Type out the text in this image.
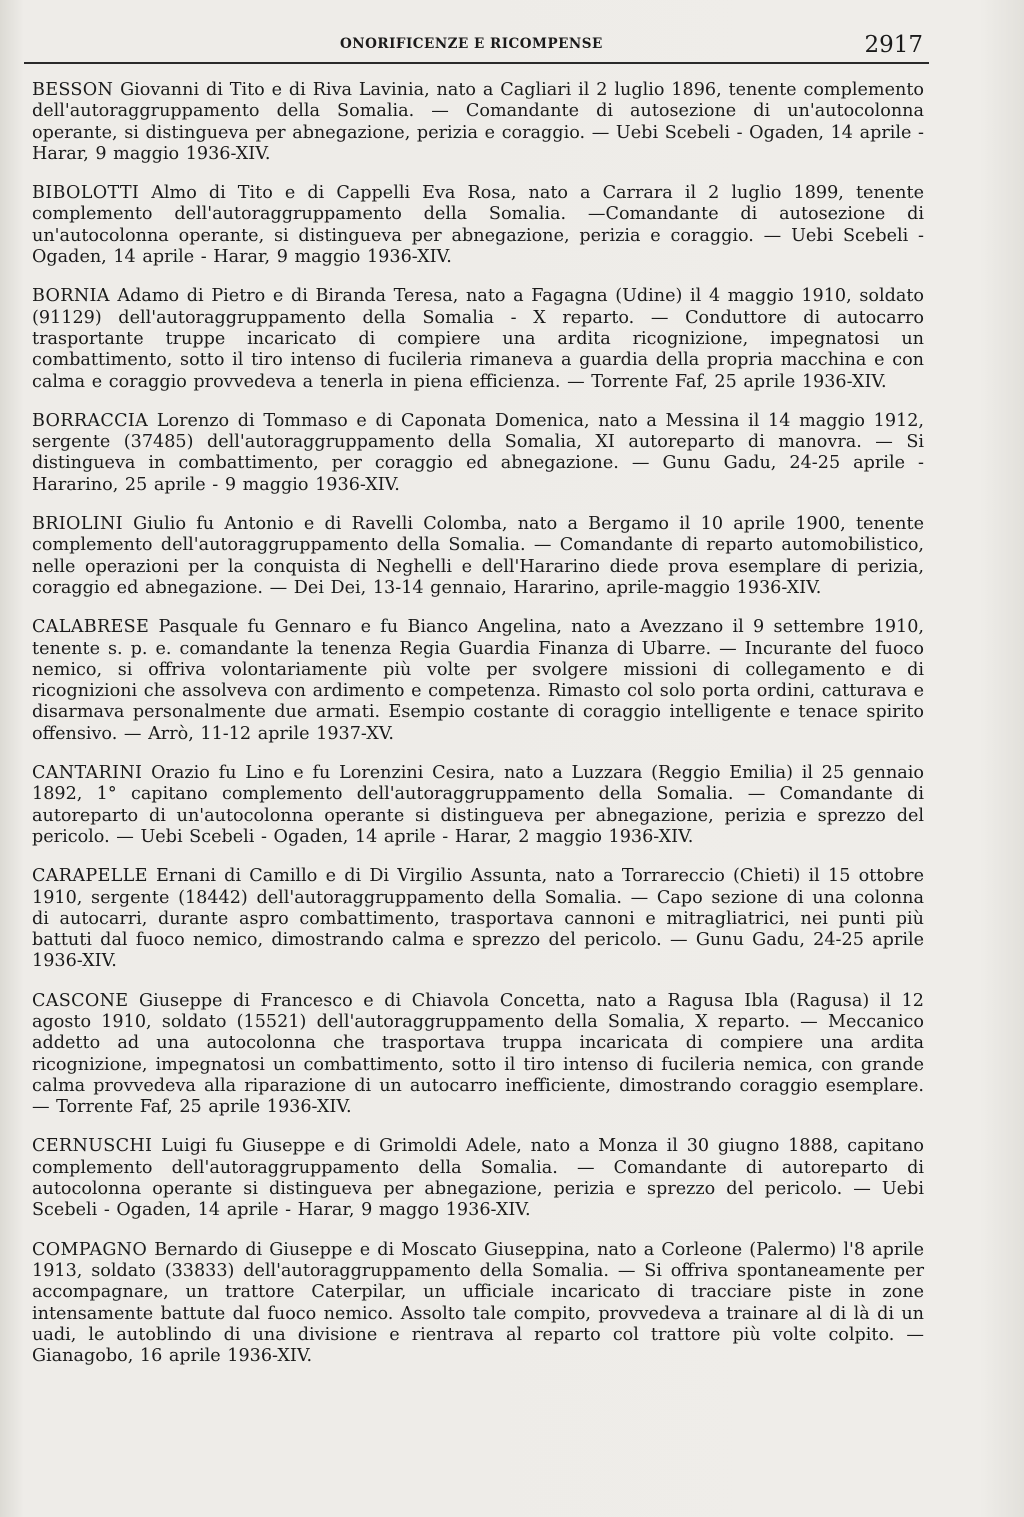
ONORIFICENZE E RICOMPENSE	2917

BESSON Giovanni di Tito e di Riva Lavinia, nato a Cagliari il 2 luglio 1896, tenente complemento dell'autoraggruppamento della Somalia. — Comandante di autosezione di un'autocolonna operante, si distingueva per abnegazione, perizia e coraggio. — Uebi Scebeli - Ogaden, 14 aprile - Harar, 9 maggio 1936-XIV.

BIBOLOTTI Almo di Tito e di Cappelli Eva Rosa, nato a Carrara il 2 luglio 1899, tenente complemento dell'autoraggruppamento della Somalia. —Comandante di autosezione di un'autocolonna operante, si distingueva per abnegazione, perizia e coraggio. — Uebi Scebeli - Ogaden, 14 aprile - Harar, 9 maggio 1936-XIV.

BORNIA Adamo di Pietro e di Biranda Teresa, nato a Fagagna (Udine) il 4 maggio 1910, soldato (91129) dell'autoraggruppamento della Somalia - X reparto. — Conduttore di autocarro trasportante truppe incaricato di compiere una ardita ricognizione, impegnatosi un combattimento, sotto il tiro intenso di fucileria rimaneva a guardia della propria macchina e con calma e coraggio provvedeva a tenerla in piena efficienza. — Torrente Faf, 25 aprile 1936-XIV.

BORRACCIA Lorenzo di Tommaso e di Caponata Domenica, nato a Messina il 14 maggio 1912, sergente (37485) dell'autoraggruppamento della Somalia, XI autoreparto di manovra. — Si distingueva in combattimento, per coraggio ed abnegazione. — Gunu Gadu, 24-25 aprile - Hararino, 25 aprile - 9 maggio 1936-XIV.

BRIOLINI Giulio fu Antonio e di Ravelli Colomba, nato a Bergamo il 10 aprile 1900, tenente complemento dell'autoraggruppamento della Somalia. — Comandante di reparto automobilistico, nelle operazioni per la conquista di Neghelli e dell'Hararino diede prova esemplare di perizia, coraggio ed abnegazione. — Dei Dei, 13-14 gennaio, Hararino, aprile-maggio 1936-XIV.

CALABRESE Pasquale fu Gennaro e fu Bianco Angelina, nato a Avezzano il 9 settembre 1910, tenente s. p. e. comandante la tenenza Regia Guardia Finanza di Ubarre. — Incurante del fuoco nemico, si offriva volontariamente più volte per svolgere missioni di collegamento e di ricognizioni che assolveva con ardimento e competenza. Rimasto col solo porta ordini, catturava e disarmava personalmente due armati. Esempio costante di coraggio intelligente e tenace spirito offensivo. — Arrò, 11-12 aprile 1937-XV.

CANTARINI Orazio fu Lino e fu Lorenzini Cesira, nato a Luzzara (Reggio Emilia) il 25 gennaio 1892, 1° capitano complemento dell'autoraggruppamento della Somalia. — Comandante di autoreparto di un'autocolonna operante si distingueva per abnegazione, perizia e sprezzo del pericolo. — Uebi Scebeli - Ogaden, 14 aprile - Harar, 2 maggio 1936-XIV.

CARAPELLE Ernani di Camillo e di Di Virgilio Assunta, nato a Torrareccio (Chieti) il 15 ottobre 1910, sergente (18442) dell'autoraggruppamento della Somalia. — Capo sezione di una colonna di autocarri, durante aspro combattimento, trasportava cannoni e mitragliatrici, nei punti più battuti dal fuoco nemico, dimostrando calma e sprezzo del pericolo. — Gunu Gadu, 24-25 aprile 1936-XIV.

CASCONE Giuseppe di Francesco e di Chiavola Concetta, nato a Ragusa Ibla (Ragusa) il 12 agosto 1910, soldato (15521) dell'autoraggruppamento della Somalia, X reparto. — Meccanico addetto ad una autocolonna che trasportava truppa incaricata di compiere una ardita ricognizione, impegnatosi un combattimento, sotto il tiro intenso di fucileria nemica, con grande calma provvedeva alla riparazione di un autocarro inefficiente, dimostrando coraggio esemplare. — Torrente Faf, 25 aprile 1936-XIV.

CERNUSCHI Luigi fu Giuseppe e di Grimoldi Adele, nato a Monza il 30 giugno 1888, capitano complemento dell'autoraggruppamento della Somalia. — Comandante di autoreparto di autocolonna operante si distingueva per abnegazione, perizia e sprezzo del pericolo. — Uebi Scebeli - Ogaden, 14 aprile - Harar, 9 maggo 1936-XIV.

COMPAGNO Bernardo di Giuseppe e di Moscato Giuseppina, nato a Corleone (Palermo) l'8 aprile 1913, soldato (33833) dell'autoraggruppamento della Somalia. — Si offriva spontaneamente per accompagnare, un trattore Caterpilar, un ufficiale incaricato di tracciare piste in zone intensamente battute dal fuoco nemico. Assolto tale compito, provvedeva a trainare al di là di un uadi, le autoblindo di una divisione e rientrava al reparto col trattore più volte colpito. — Gianagobo, 16 aprile 1936-XIV.
